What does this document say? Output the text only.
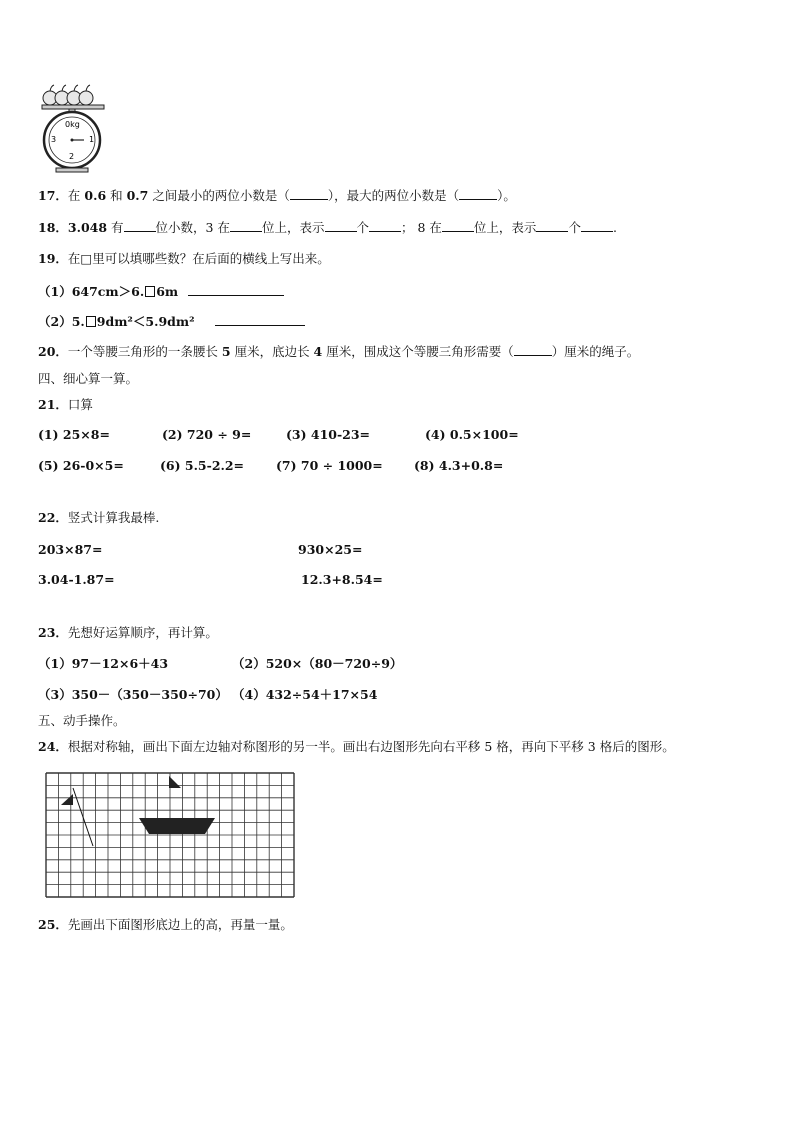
0kg
3	1
2
17．在 0.6 和 0.7 之间最小的两位小数是（	），最大的两位小数是（	）。
18．3.048 有	位小数，3 在	位上，表示	个	； 8 在	位上，表示	个	.
19．在□里可以填哪些数？在后面的横线上写出来。
（1）647cm＞6. 6m
（2）5. 9dm²＜5.9dm²
20．一个等腰三角形的一条腰长 5 厘米，底边长 4 厘米，围成这个等腰三角形需要（	）厘米的绳子。
四、细心算一算。
21．口算
(1) 25×8=	(2) 720 ÷ 9=	(3) 410-23=	(4) 0.5×100=
(5) 26-0×5=	(6) 5.5-2.2=	(7) 70 ÷ 1000=	(8) 4.3+0.8=
22．竖式计算我最棒.
203×87=	930×25=
3.04-1.87=	12.3+8.54=
23．先想好运算顺序，再计算。
（1）97－12×6＋43	（2）520×（80－720÷9）
（3）350－（350－350÷70） （4）432÷54＋17×54
五、动手操作。
24．根据对称轴，画出下面左边轴对称图形的另一半。画出右边图形先向右平移 5 格，再向下平移 3 格后的图形。
25．先画出下面图形底边上的高，再量一量。
